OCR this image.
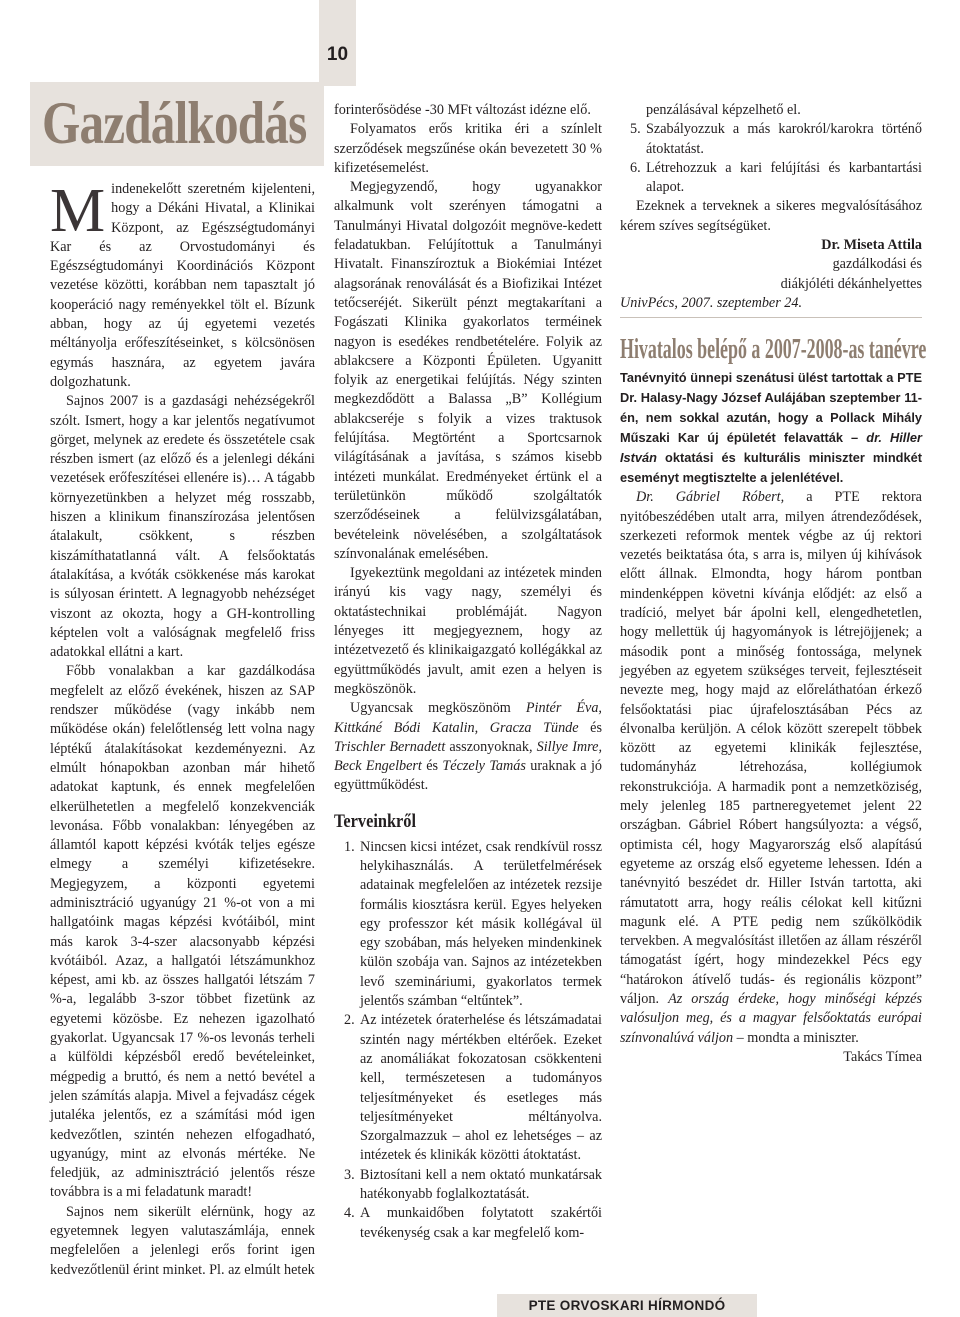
10
Gazdálkodás

Mindenekelőtt szeretném kijelenteni, hogy a Dékáni Hivatal, a Klinikai Központ, az Egészségtudományi Kar és az Orvostudományi és Egészségtudományi Koordinációs Központ vezetése közötti, korábban nem tapasztalt jó kooperáció nagy reményekkel tölt el. Bízunk abban, hogy az új egyetemi vezetés méltányolja erőfeszítéseinket, s kölcsönösen egymás hasznára, az egyetem javára dolgozhatunk.

Sajnos 2007 is a gazdasági nehézségekről szólt. Ismert, hogy a kar jelentős negatívumot görget, melynek az eredete és összetétele csak részben ismert (az előző és a jelenlegi dékáni vezetések erőfeszítései ellenére is)… A tágabb környezetünkben a helyzet még rosszabb, hiszen a klinikum finanszírozása jelentősen átalakult, csökkent, s részben kiszámíthatatlanná vált. A felsőoktatás átalakítása, a kvóták csökkenése más karokat is súlyosan érintett. A legnagyobb nehézséget viszont az okozta, hogy a GH-kontrolling képtelen volt a valóságnak megfelelő friss adatokkal ellátni a kart.

Főbb vonalakban a kar gazdálkodása megfelelt az előző évekének, hiszen az SAP rendszer működése (vagy inkább nem működése okán) felelőtlenség lett volna nagy léptékű átalakításokat kezdeményezni. Az elmúlt hónapokban azonban már hihető adatokat kaptunk, és ennek megfelelően elkerülhetetlen a megfelelő konzekvenciák levonása. Főbb vonalakban: lényegében az államtól kapott képzési kvóták teljes egésze elmegy a személyi kifizetésekre. Megjegyzem, a központi egyetemi adminisztráció ugyanúgy 21 %-ot von a mi hallgatóink magas képzési kvótáiból, mint más karok 3-4-szer alacsonyabb képzési kvótáiból. Azaz, a hallgatói létszámunkhoz képest, ami kb. az összes hallgatói létszám 7 %-a, legalább 3-szor többet fizetünk az egyetemi közösbe. Ez nehezen igazolható gyakorlat. Ugyancsak 17 %-os levonás terheli a külföldi képzésből eredő bevételeinket, mégpedig a bruttó, és nem a nettó bevétel a jelen számítás alapja. Mivel a fejvadász cégek jutaléka jelentős, ez a számítási mód igen kedvezőtlen, szintén nehezen elfogadható, ugyanúgy, mint az elvonás mértéke. Ne feledjük, az adminisztráció jelentős része továbbra is a mi feladatunk maradt!

Sajnos nem sikerült elérnünk, hogy az egyetemnek legyen valutaszámlája, ennek megfelelően a jelenlegi erős forint igen kedvezőtlenül érint minket. Pl. az elmúlt hetek

forinterősödése -30 MFt változást idézne elő.

Folyamatos erős kritika éri a színlelt szerződések megszűnése okán bevezetett 30 % kifizetésemelést.

Megjegyzendő, hogy ugyanakkor alkalmunk volt szerényen támogatni a Tanulmányi Hivatal dolgozóit megnöve-kedett feladatukban. Felújítottuk a Tanulmányi Hivatalt. Finanszíroztuk a Biokémiai Intézet alagsorának renoválását és a Biofizikai Intézet tetőcseréjét. Sikerült pénzt megtakarítani a Fogászati Klinika gyakorlatos terméinek nagyon is esedékes rendbetételére. Folyik az ablakcsere a Központi Épületen. Ugyanitt folyik az energetikai felújítás. Négy szinten megkezdődött a Balassa „B” Kollégium ablakcseréje s folyik a vizes traktusok felújítása. Megtörtént a Sportcsarnok világításának a javítása, s számos kisebb intézeti munkálat. Eredményeket értünk el a területünkön működő szolgáltatók szerződéseinek a felülvizsgálatában, bevételeink növelésében, a szolgáltatások színvonalának emelésében.

Igyekeztünk megoldani az intézetek minden irányú kis vagy nagy, személyi és oktatástechnikai problémáját. Nagyon lényeges itt megjegyeznem, hogy az intézetvezető és klinikaigazgató kollégákkal az együttműködés javult, amit ezen a helyen is megköszönök.

Ugyancsak megköszönöm Pintér Éva, Kittkáné Bódi Katalin, Gracza Tünde és Trischler Bernadett asszonyoknak, Sillye Imre, Beck Engelbert és Téczely Tamás uraknak a jó együttműködést.

Terveinkről
1. Nincsen kicsi intézet, csak rendkívül rossz helykihasználás. A területfelmérések adatainak megfelelően az intézetek rezsije formális kiosztásra kerül. Egyes helyeken egy professzor két másik kollégával ül egy szobában, más helyeken mindenkinek külön szobája van. Sajnos az intézetekben levő szemináriumi, gyakorlatos termek jelentős számban “eltűntek”.
2. Az intézetek óraterhelése és létszámadatai szintén nagy mértékben eltérőek. Ezeket az anomáliákat fokozatosan csökkenteni kell, természetesen a tudományos teljesítményeket és esetleges más teljesítményeket méltányolva. Szorgalmazzuk – ahol ez lehetséges – az intézetek és klinikák közötti átoktatást.
3. Biztosítani kell a nem oktató munkatársak hatékonyabb foglalkoztatását.
4. A munkaidőben folytatott szakértői tevékenység csak a kar megfelelő kom-
penzálásával képzelhető el.
5. Szabályozzuk a más karokról/karokra történő átoktatást.
6. Létrehozzuk a kari felújítási és karbantartási alapot.

Ezeknek a terveknek a sikeres megvalósításához kérem szíves segítségüket.

Dr. Miseta Attila

gazdálkodási és

diákjóléti dékánhelyettes

UnivPécs, 2007. szeptember 24.

Hivatalos belépő a 2007-2008-as tanévre

Tanévnyitó ünnepi szenátusi ülést tartottak a PTE Dr. Halasy-Nagy József Aulájában szeptember 11-én, nem sokkal azután, hogy a Pollack Mihály Műszaki Kar új épületét felavatták – dr. Hiller István oktatási és kulturális miniszter mindkét eseményt megtisztelte a jelenlétével.

Dr. Gábriel Róbert, a PTE rektora nyitóbeszédében utalt arra, milyen átrendeződések, szerkezeti reformok mentek végbe az új rektori vezetés beiktatása óta, s arra is, milyen új kihívások előtt állnak. Elmondta, hogy három pontban mindenképpen követni kívánja elődjét: az első a tradíció, melyet bár ápolni kell, elengedhetetlen, hogy mellettük új hagyományok is létrejöjjenek; a második pont a minőség fontossága, melynek jegyében az egyetem szükséges terveit, fejlesztéseit nevezte meg, hogy majd az előreláthatóan érkező felsőoktatási piac újrafelosztásában Pécs az élvonalba kerüljön. A célok között szerepelt többek között az egyetemi klinikák fejlesztése, tudományház létrehozása, kollégiumok rekonstrukciója. A harmadik pont a nemzetköziség, mely jelenleg 185 partneregyetemet jelent 22 országban. Gábriel Róbert hangsúlyozta: a végső, optimista cél, hogy Magyarország első alapítású egyeteme az ország első egyeteme lehessen. Idén a tanévnyitó beszédet dr. Hiller István tartotta, aki rámutatott arra, hogy reális célokat kell kitűzni magunk elé. A PTE pedig nem szűkölködik tervekben. A megvalósítást illetően az állam részéről támogatást ígért, hogy mindezekkel Pécs egy “határokon átívelő tudás- és regionális központ” váljon. Az ország érdeke, hogy minőségi képzés valósuljon meg, és a magyar felsőoktatás európai színvonalúvá váljon – mondta a miniszter.

Takács Tímea

PTE ORVOSKARI HÍRMONDÓ
